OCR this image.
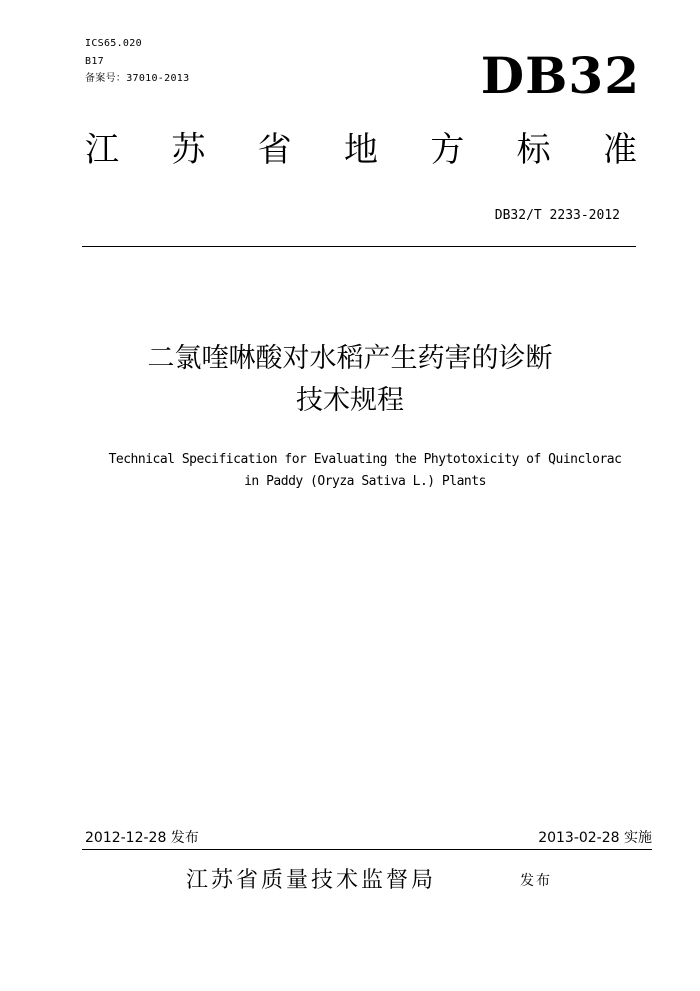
ICS65.020
B17
备案号：37010-2013	DB32
江 苏 省 地 方 标 准
DB32/T 2233-2012
二氯喹啉酸对水稻产生药害的诊断
技术规程
Technical Specification for Evaluating the Phytotoxicity of Quinclorac
in Paddy (Oryza Sativa L.) Plants
2012-12-28 发布	2013-02-28 实施
江苏省质量技术监督局	发布
